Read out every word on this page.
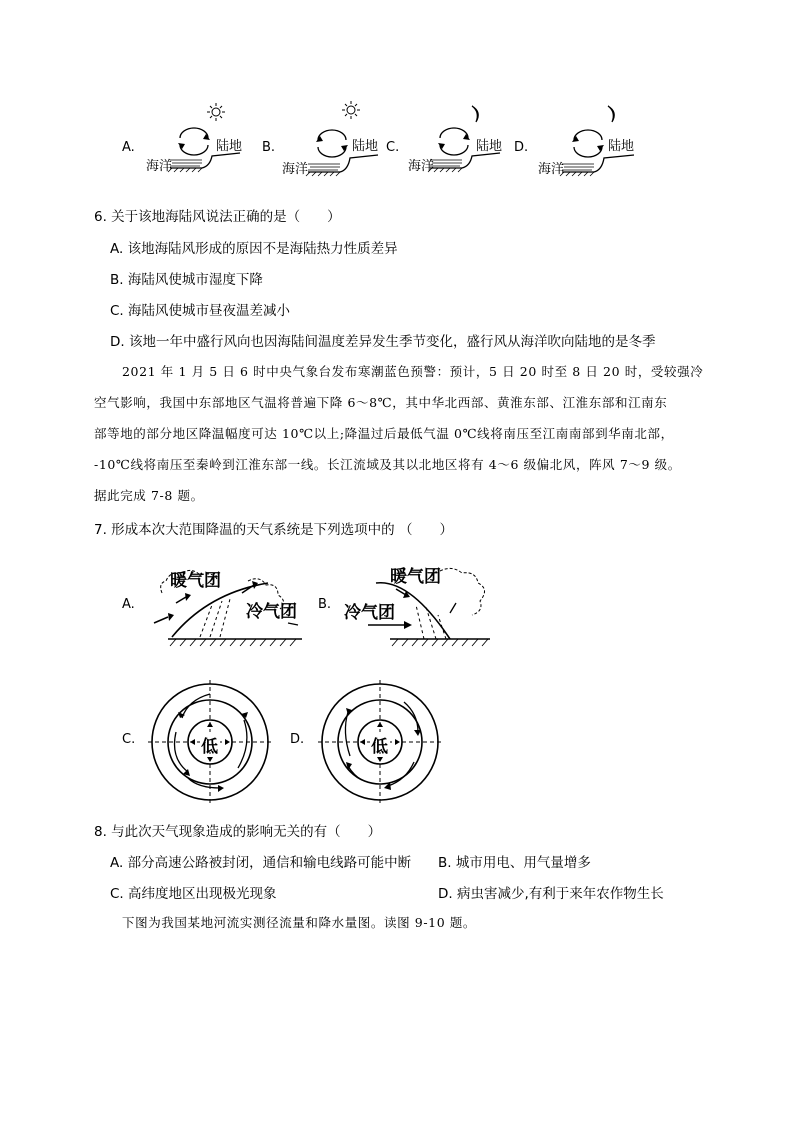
A.	陆地
海洋
B.	陆地
海洋
C.	陆地
海洋
D.	陆地
海洋
6. 关于该地海陆风说法正确的是（　　）
A. 该地海陆风形成的原因不是海陆热力性质差异
B. 海陆风使城市湿度下降
C. 海陆风使城市昼夜温差减小
D. 该地一年中盛行风向也因海陆间温度差异发生季节变化，盛行风从海洋吹向陆地的是冬季
2021 年 1 月 5 日 6 时中央气象台发布寒潮蓝色预警：预计，5 日 20 时至 8 日 20 时，受较强冷
空气影响，我国中东部地区气温将普遍下降 6～8℃，其中华北西部、黄淮东部、江淮东部和江南东
部等地的部分地区降温幅度可达 10℃以上;降温过后最低气温 0℃线将南压至江南南部到华南北部，
-10℃线将南压至秦岭到江淮东部一线。长江流域及其以北地区将有 4～6 级偏北风，阵风 7～9 级。
据此完成 7-8 题。
7. 形成本次大范围降温的天气系统是下列选项中的 （　　）
A.
暖气团
冷气团 B.
暖气团
冷气团
C.	低	D.	低
8. 与此次天气现象造成的影响无关的有（　　）
A. 部分高速公路被封闭，通信和输电线路可能中断 B. 城市用电、用气量增多
C. 高纬度地区出现极光现象	D. 病虫害减少,有利于来年农作物生长
下图为我国某地河流实测径流量和降水量图。读图 9-10 题。
